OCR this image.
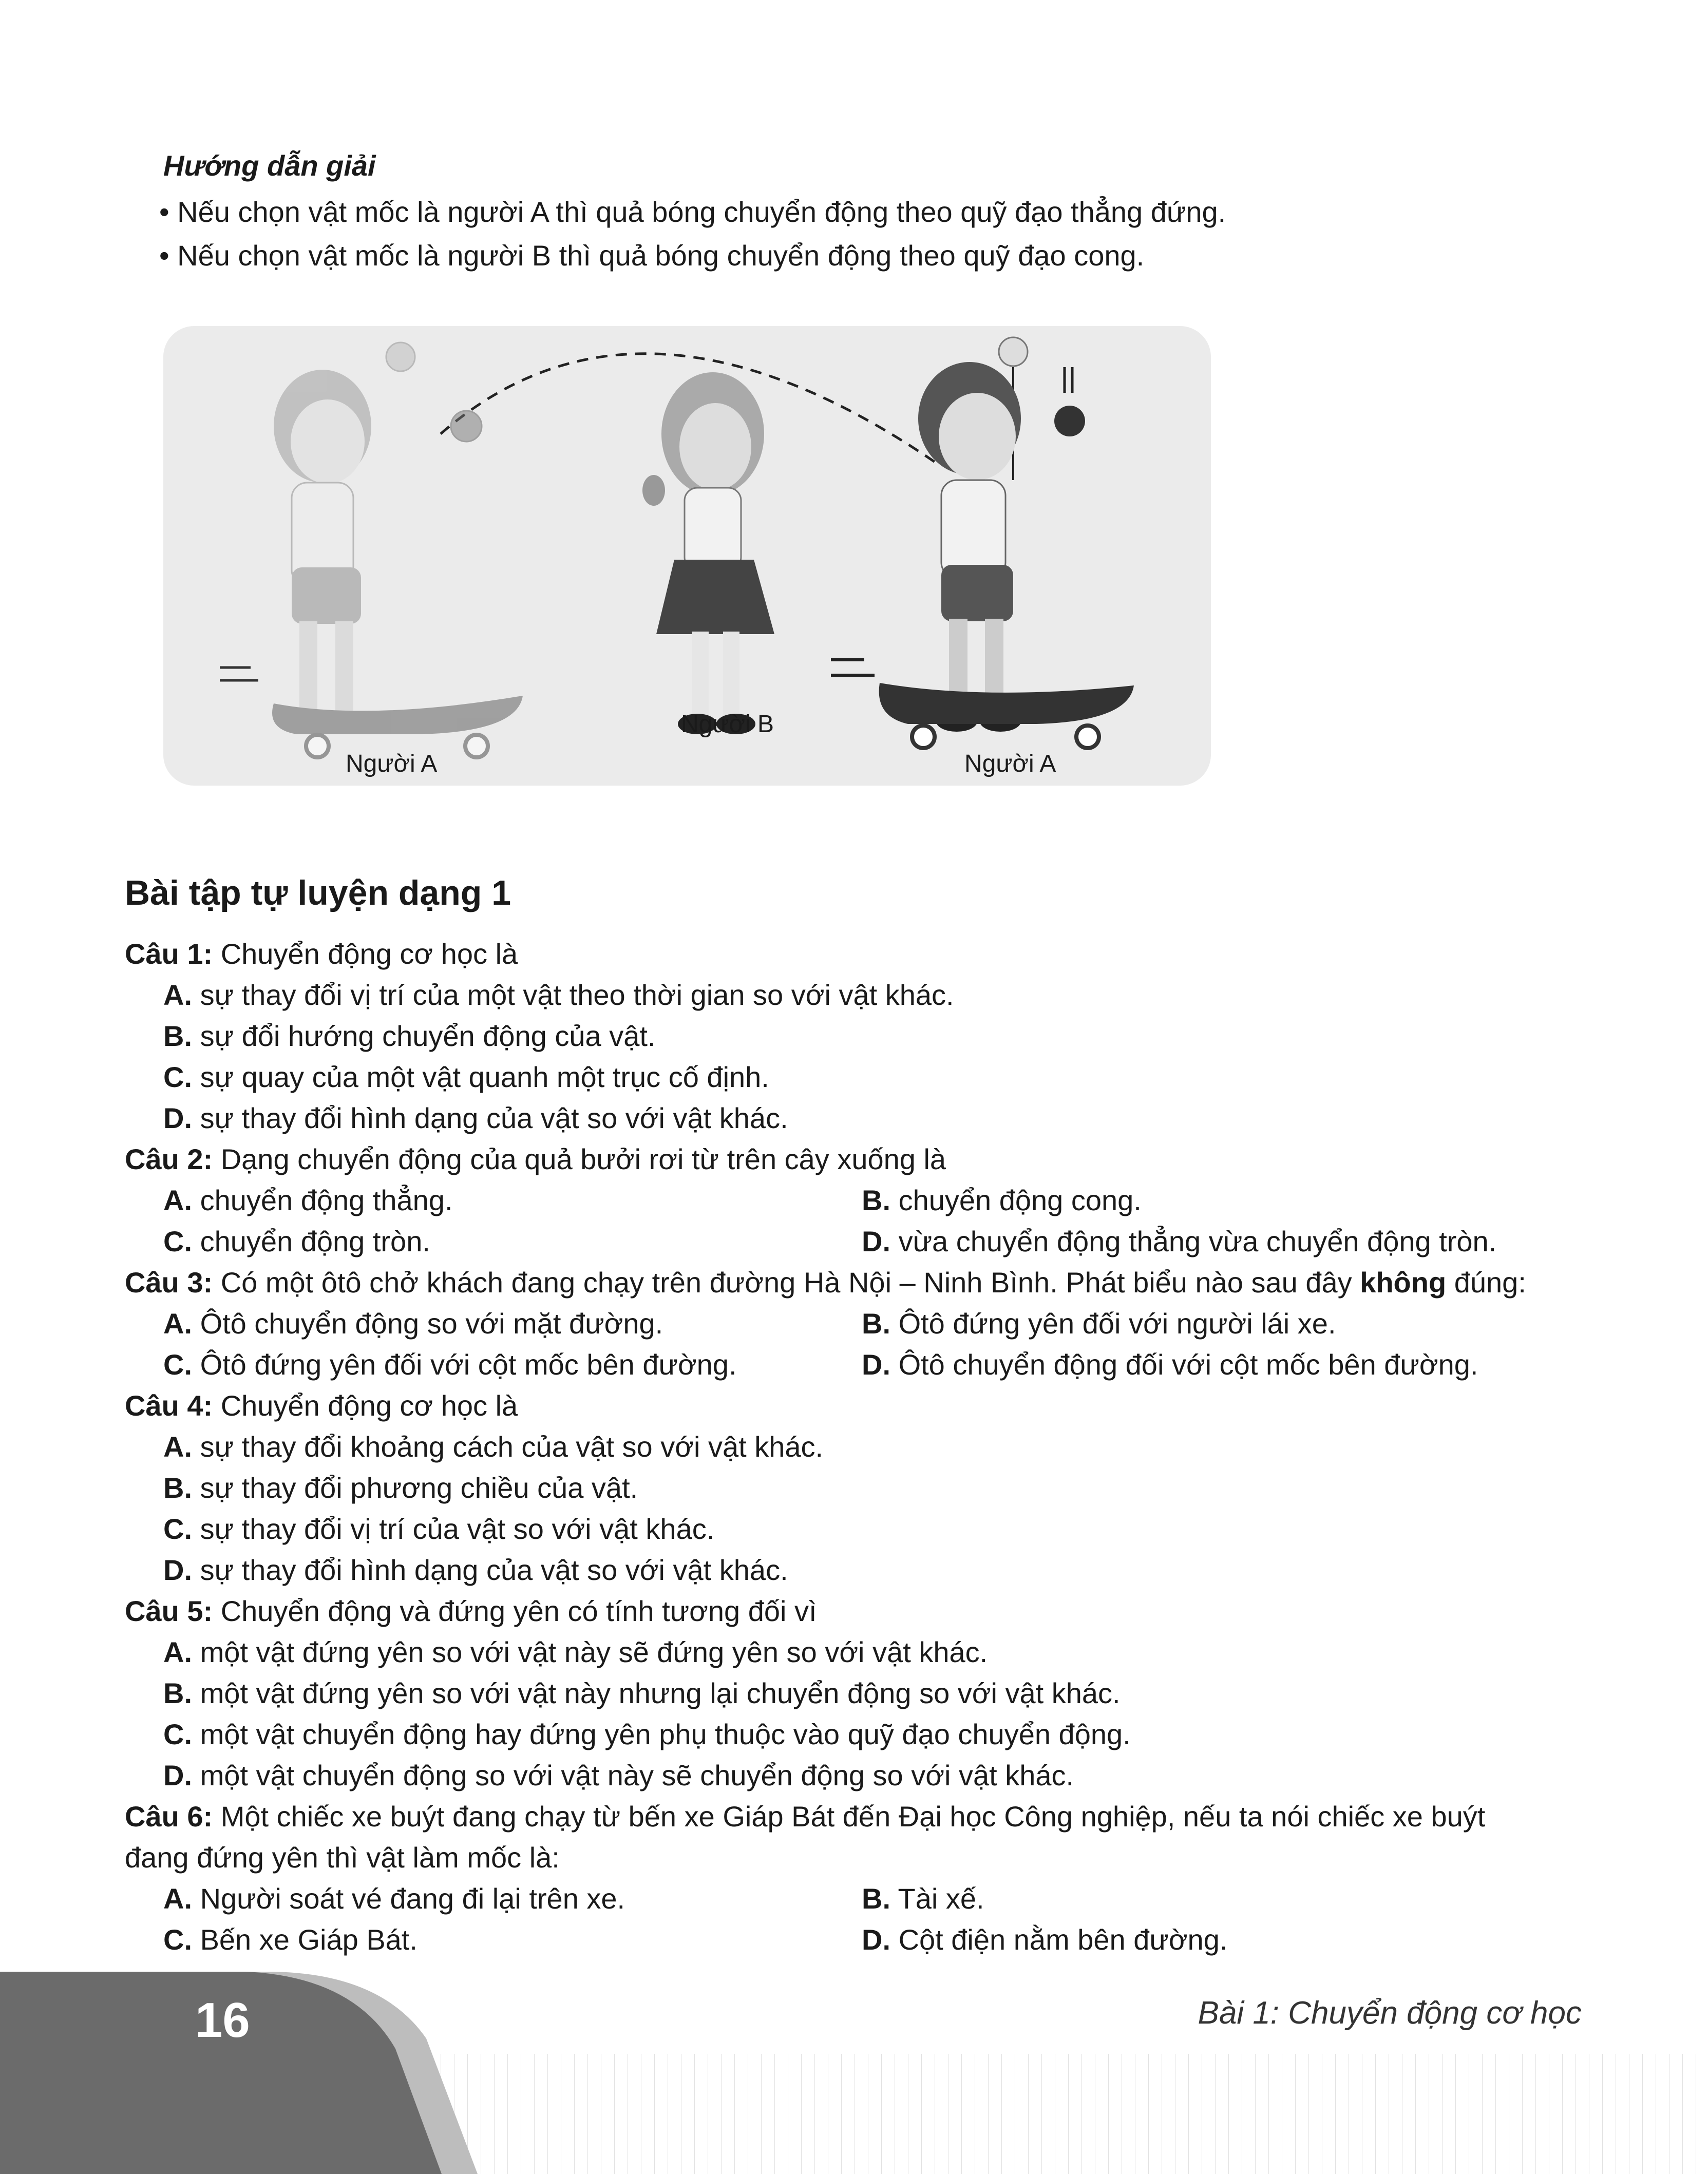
Hướng dẫn giải
• Nếu chọn vật mốc là người A thì quả bóng chuyển động theo quỹ đạo thẳng đứng.
• Nếu chọn vật mốc là người B thì quả bóng chuyển động theo quỹ đạo cong.
Người A
Người B
Người A
Bài tập tự luyện dạng 1
Câu 1: Chuyển động cơ học là
A. sự thay đổi vị trí của một vật theo thời gian so với vật khác.
B. sự đổi hướng chuyển động của vật.
C. sự quay của một vật quanh một trục cố định.
D. sự thay đổi hình dạng của vật so với vật khác.
Câu 2: Dạng chuyển động của quả bưởi rơi từ trên cây xuống là
A. chuyển động thẳng.	B. chuyển động cong.
C. chuyển động tròn.	D. vừa chuyển động thẳng vừa chuyển động tròn.
Câu 3: Có một ôtô chở khách đang chạy trên đường Hà Nội – Ninh Bình. Phát biểu nào sau đây không đúng:
A. Ôtô chuyển động so với mặt đường.	B. Ôtô đứng yên đối với người lái xe.
C. Ôtô đứng yên đối với cột mốc bên đường.	D. Ôtô chuyển động đối với cột mốc bên đường.
Câu 4: Chuyển động cơ học là
A. sự thay đổi khoảng cách của vật so với vật khác.
B. sự thay đổi phương chiều của vật.
C. sự thay đổi vị trí của vật so với vật khác.
D. sự thay đổi hình dạng của vật so với vật khác.
Câu 5: Chuyển động và đứng yên có tính tương đối vì
A. một vật đứng yên so với vật này sẽ đứng yên so với vật khác.
B. một vật đứng yên so với vật này nhưng lại chuyển động so với vật khác.
C. một vật chuyển động hay đứng yên phụ thuộc vào quỹ đạo chuyển động.
D. một vật chuyển động so với vật này sẽ chuyển động so với vật khác.
Câu 6: Một chiếc xe buýt đang chạy từ bến xe Giáp Bát đến Đại học Công nghiệp, nếu ta nói chiếc xe buýt
đang đứng yên thì vật làm mốc là:
A. Người soát vé đang đi lại trên xe.	B. Tài xế.
C. Bến xe Giáp Bát.	D. Cột điện nằm bên đường.
16	Bài 1: Chuyển động cơ học
